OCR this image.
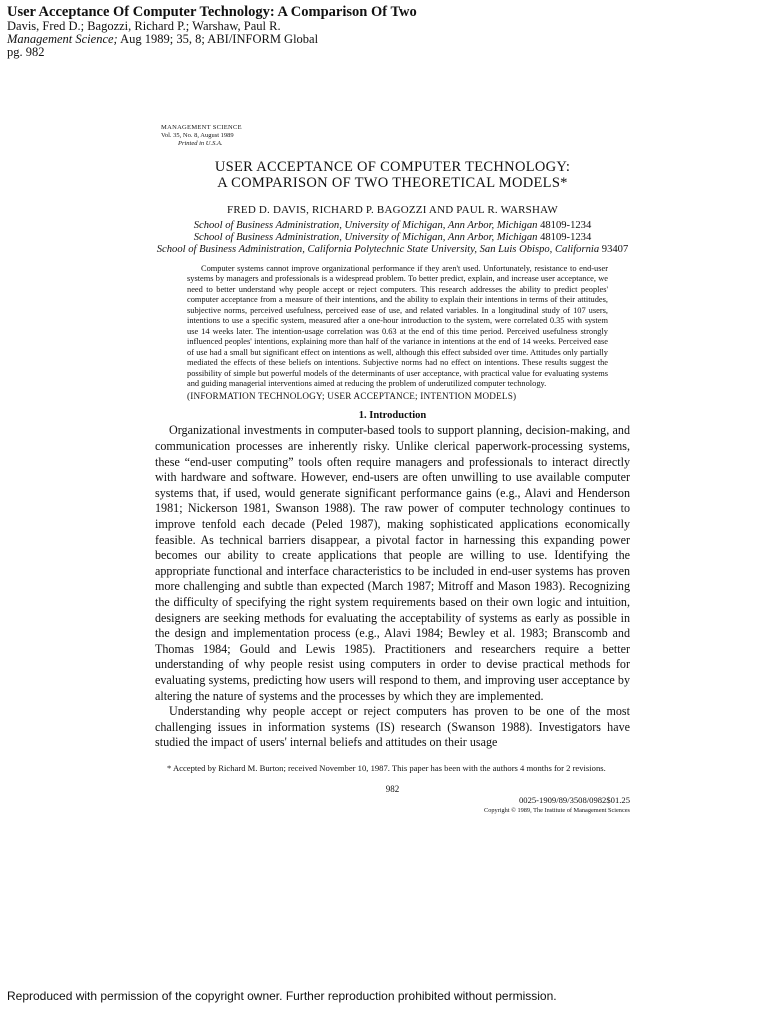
User Acceptance Of Computer Technology: A Comparison Of Two
Davis, Fred D.; Bagozzi, Richard P.; Warshaw, Paul R.
Management Science; Aug 1989; 35, 8; ABI/INFORM Global
pg. 982
MANAGEMENT SCIENCE
Vol. 35, No. 8, August 1989
Printed in U.S.A.
USER ACCEPTANCE OF COMPUTER TECHNOLOGY:
A COMPARISON OF TWO THEORETICAL MODELS*
FRED D. DAVIS, RICHARD P. BAGOZZI AND PAUL R. WARSHAW
School of Business Administration, University of Michigan, Ann Arbor, Michigan 48109-1234
School of Business Administration, University of Michigan, Ann Arbor, Michigan 48109-1234
School of Business Administration, California Polytechnic State University, San Luis Obispo, California 93407

Computer systems cannot improve organizational performance if they aren't used. Unfortunately, resistance to end-user systems by managers and professionals is a widespread problem. To better predict, explain, and increase user acceptance, we need to better understand why people accept or reject computers. This research addresses the ability to predict peoples' computer acceptance from a measure of their intentions, and the ability to explain their intentions in terms of their attitudes, subjective norms, perceived usefulness, perceived ease of use, and related variables. In a longitudinal study of 107 users, intentions to use a specific system, measured after a one-hour introduction to the system, were correlated 0.35 with system use 14 weeks later. The intention-usage correlation was 0.63 at the end of this time period. Perceived usefulness strongly influenced peoples' intentions, explaining more than half of the variance in intentions at the end of 14 weeks. Perceived ease of use had a small but significant effect on intentions as well, although this effect subsided over time. Attitudes only partially mediated the effects of these beliefs on intentions. Subjective norms had no effect on intentions. These results suggest the possibility of simple but powerful models of the determinants of user acceptance, with practical value for evaluating systems and guiding managerial interventions aimed at reducing the problem of underutilized computer technology.

(INFORMATION TECHNOLOGY; USER ACCEPTANCE; INTENTION MODELS)
1. Introduction

Organizational investments in computer-based tools to support planning, decision-making, and communication processes are inherently risky. Unlike clerical paperwork-processing systems, these “end-user computing” tools often require managers and professionals to interact directly with hardware and software. However, end-users are often unwilling to use available computer systems that, if used, would generate significant performance gains (e.g., Alavi and Henderson 1981; Nickerson 1981, Swanson 1988). The raw power of computer technology continues to improve tenfold each decade (Peled 1987), making sophisticated applications economically feasible. As technical barriers disappear, a pivotal factor in harnessing this expanding power becomes our ability to create applications that people are willing to use. Identifying the appropriate functional and interface characteristics to be included in end-user systems has proven more challenging and subtle than expected (March 1987; Mitroff and Mason 1983). Recognizing the difficulty of specifying the right system requirements based on their own logic and intuition, designers are seeking methods for evaluating the acceptability of systems as early as possible in the design and implementation process (e.g., Alavi 1984; Bewley et al. 1983; Branscomb and Thomas 1984; Gould and Lewis 1985). Practitioners and researchers require a better understanding of why people resist using computers in order to devise practical methods for evaluating systems, predicting how users will respond to them, and improving user acceptance by altering the nature of systems and the processes by which they are implemented.

Understanding why people accept or reject computers has proven to be one of the most challenging issues in information systems (IS) research (Swanson 1988). Investigators have studied the impact of users' internal beliefs and attitudes on their usage

* Accepted by Richard M. Burton; received November 10, 1987. This paper has been with the authors 4 months for 2 revisions.
982
0025-1909/89/3508/0982$01.25
Copyright © 1989, The Institute of Management Sciences
Reproduced with permission of the copyright owner. Further reproduction prohibited without permission.
